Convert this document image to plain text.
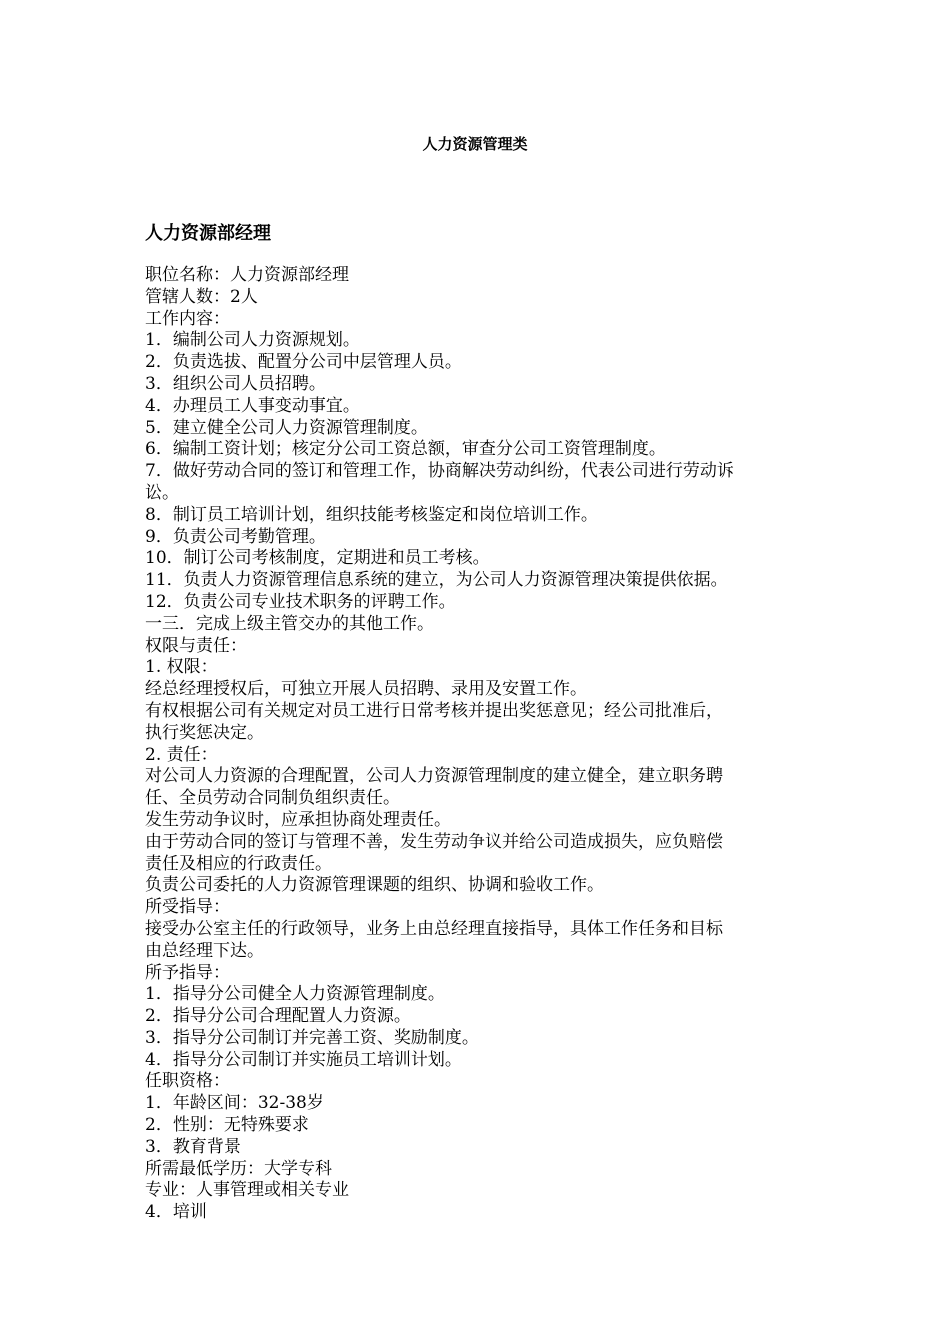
人力资源管理类
人力资源部经理
职位名称：人力资源部经理
管辖人数：2人
工作内容：
1．编制公司人力资源规划。
2．负责选拔、配置分公司中层管理人员。
3．组织公司人员招聘。
4．办理员工人事变动事宜。
5．建立健全公司人力资源管理制度。
6．编制工资计划；核定分公司工资总额，审查分公司工资管理制度。
7．做好劳动合同的签订和管理工作，协商解决劳动纠纷，代表公司进行劳动诉
讼。
8．制订员工培训计划，组织技能考核鉴定和岗位培训工作。
9．负责公司考勤管理。
10．制订公司考核制度，定期进和员工考核。
11．负责人力资源管理信息系统的建立，为公司人力资源管理决策提供依据。
12．负责公司专业技术职务的评聘工作。
一三．完成上级主管交办的其他工作。
权限与责任：
1. 权限：
经总经理授权后，可独立开展人员招聘、录用及安置工作。
有权根据公司有关规定对员工进行日常考核并提出奖惩意见；经公司批准后，
执行奖惩决定。
2. 责任：
对公司人力资源的合理配置，公司人力资源管理制度的建立健全，建立职务聘
任、全员劳动合同制负组织责任。
发生劳动争议时，应承担协商处理责任。
由于劳动合同的签订与管理不善，发生劳动争议并给公司造成损失，应负赔偿
责任及相应的行政责任。
负责公司委托的人力资源管理课题的组织、协调和验收工作。
所受指导：
接受办公室主任的行政领导，业务上由总经理直接指导，具体工作任务和目标
由总经理下达。
所予指导：
1．指导分公司健全人力资源管理制度。
2．指导分公司合理配置人力资源。
3．指导分公司制订并完善工资、奖励制度。
4．指导分公司制订并实施员工培训计划。
任职资格：
1．年龄区间：32-38岁
2．性别：无特殊要求
3．教育背景
所需最低学历：大学专科
专业：人事管理或相关专业
4．培训
